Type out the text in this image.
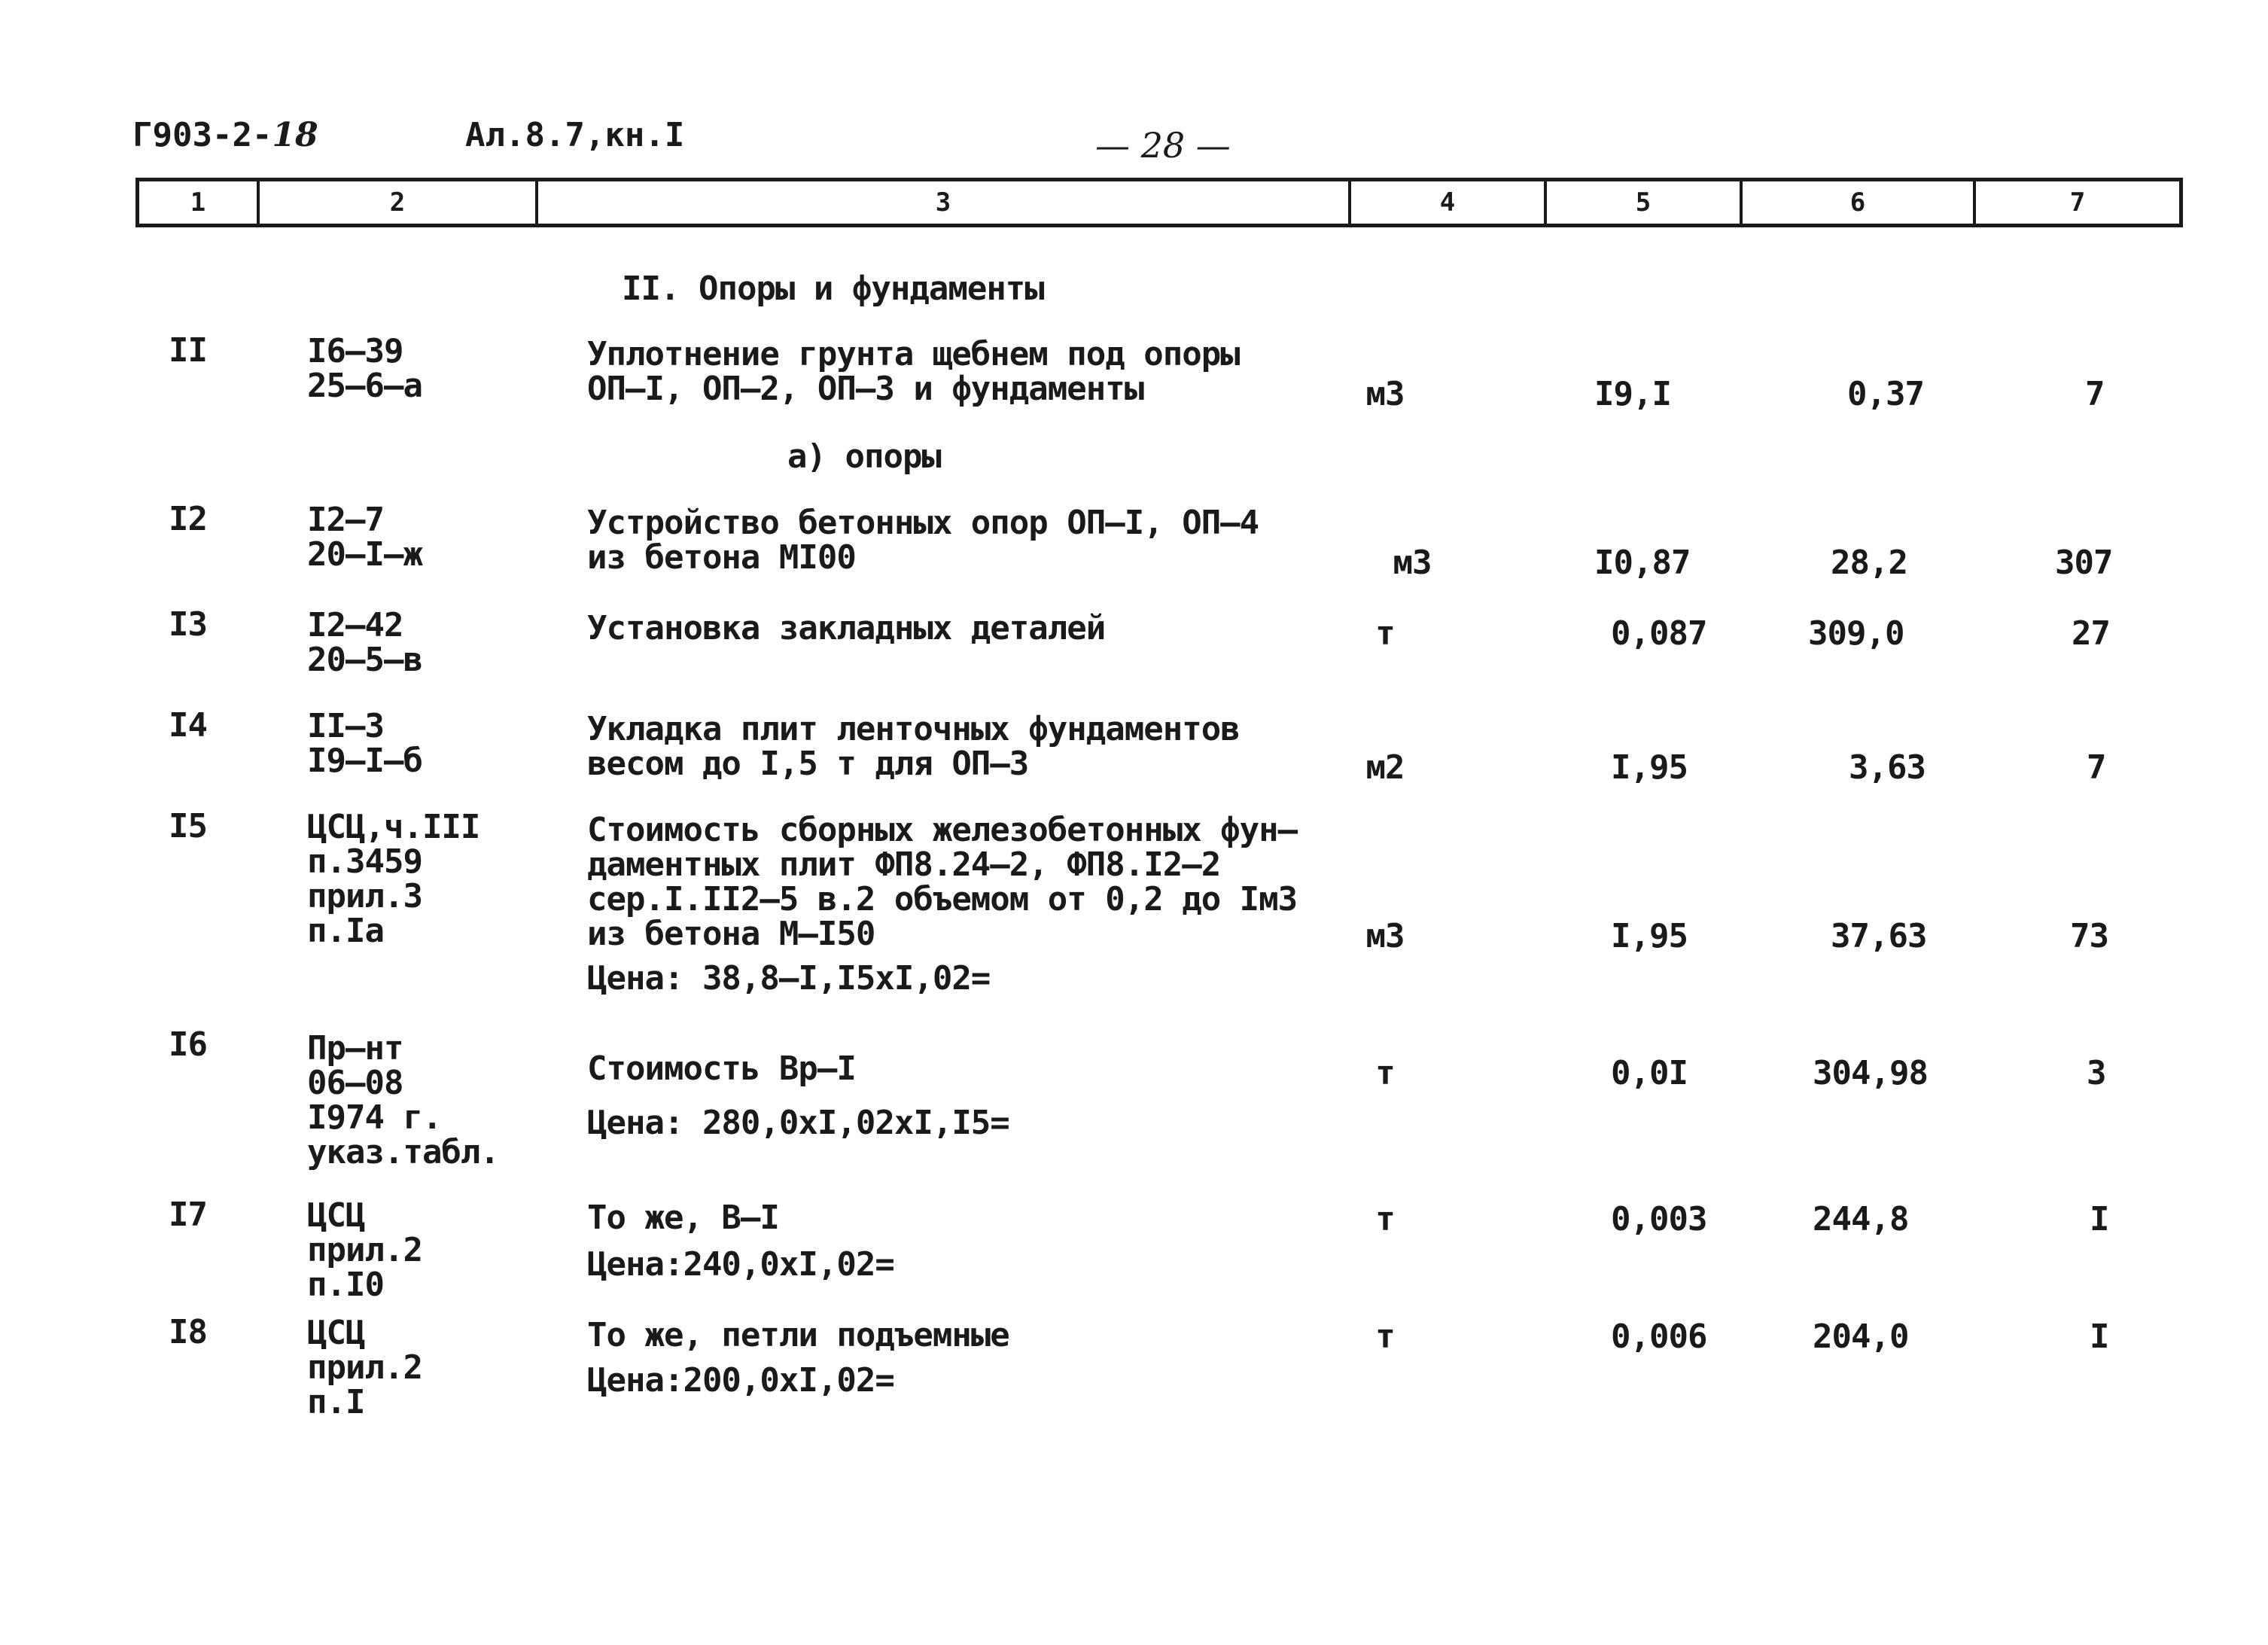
Г903-2-18	Ал.8.7,кн.I	— 28 —
1	2	3	4	5	6	7
II. Опоры и фундаменты
а) опоры
II	I6–39
25–6–а
Уплотнение грунта щебнем под опоры
ОП–I, ОП–2, ОП–3 и фундаменты	м3	I9,I	0,37	7
I2	I2–7
20–I–ж
Устройство бетонных опор ОП–I, ОП–4
из бетона МI00	м3	I0,87	28,2	307
I3	I2–42
20–5–в
Установка закладных деталей	т	0,087	309,0	27
I4	II–3
I9–I–б
Укладка плит ленточных фундаментов
весом до I,5 т для ОП–3	м2	I,95	3,63	7
I5	ЦСЦ,ч.III
п.3459
прил.3
п.Iа
Стоимость сборных железобетонных фун–
даментных плит ФП8.24–2, ФП8.I2–2
сер.I.II2–5 в.2 объемом от 0,2 до Iм3
из бетона М–I50
Цена: 38,8–I,I5хI,02=
м3	I,95	37,63	73
I6	Пр–нт
06–08
I974 г.
указ.табл.
Стоимость Вр–I
Цена: 280,0хI,02хI,I5=
т	0,0I	304,98	3
I7	ЦСЦ
прил.2
п.I0
То же, В–I
Цена:240,0хI,02=
т	0,003	244,8	I
I8	ЦСЦ
прил.2
п.I
То же, петли подъемные
Цена:200,0хI,02=
т	0,006	204,0	I
